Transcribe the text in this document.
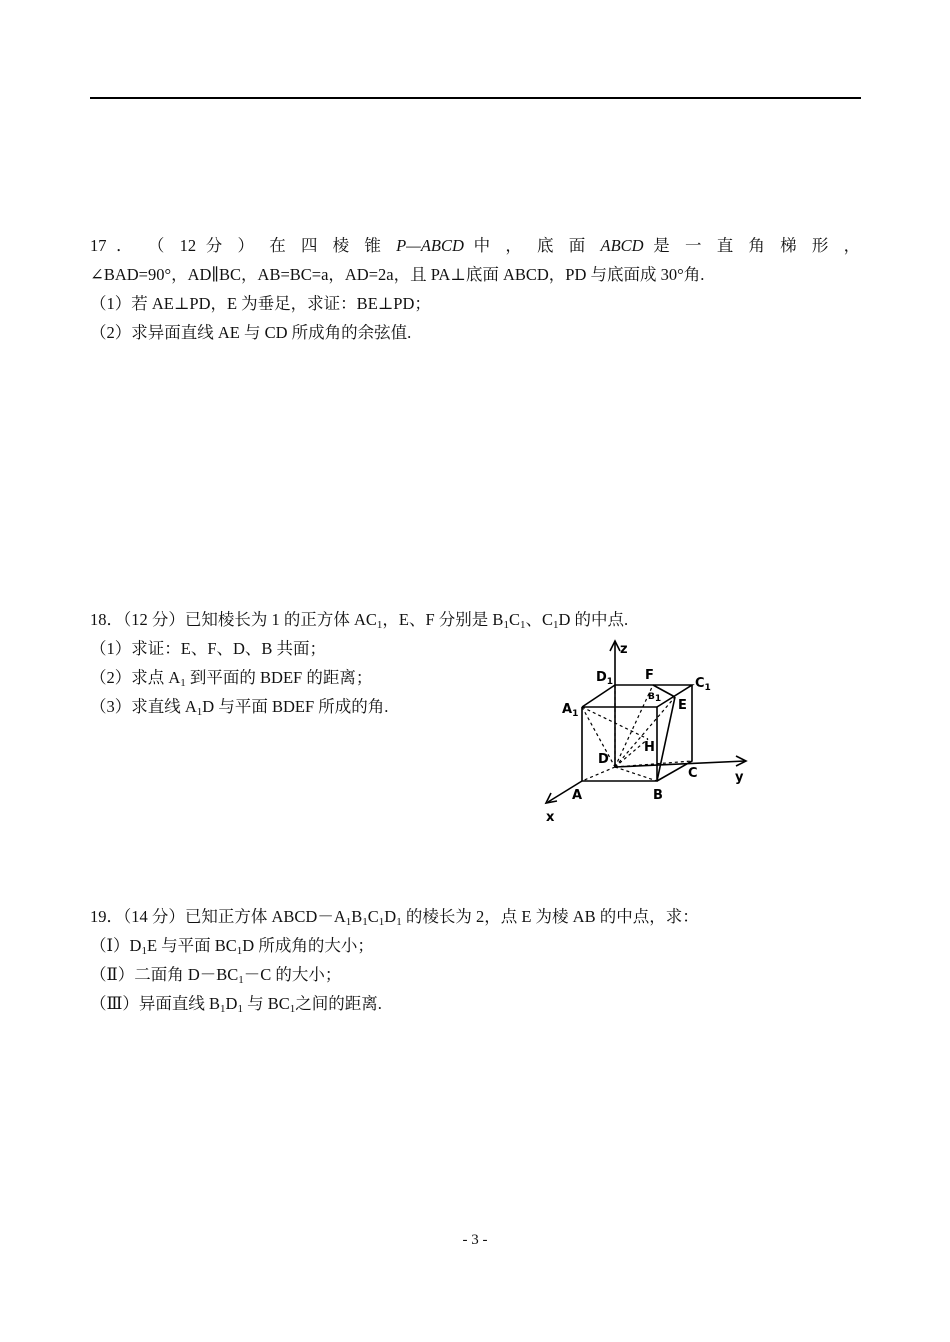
17 ． （ 12 分 ） 在 四 棱 锥 P—ABCD 中 ， 底 面 ABCD 是 一 直 角 梯 形 ，
∠BAD=90°，AD∥BC，AB=BC=a，AD=2a，且 PA⊥底面 ABCD，PD 与底面成 30°角.
（1）若 AE⊥PD，E 为垂足，求证：BE⊥PD；
（2）求异面直线 AE 与 CD 所成角的余弦值.
18．（12 分）已知棱长为 1 的正方体 $AC_1$，E、F 分别是 $B_1C_1$、$C_1D$ 的中点.
（1）求证：E、F、D、B 共面；
（2）求点 $A_1$ 到平面的 BDEF 的距离；
（3）求直线 $A_1D$ 与平面 BDEF 所成的角.
z
y
x
$D_1$ F
B1
$C_1$
$A_1$
E
H
D
C
A	B
19．（14 分）已知正方体 $ABCD-A_1B_1C_1D_1$ 的棱长为 2，点 E 为棱 AB 的中点，求：
$(Ⅰ)D_1E$ 与平面 $BC_1D$ 所成角的大小；
（Ⅱ）二面角 $D-BC_1-C$ 的大小；
（Ⅲ）异面直线 $B_1D_1$ 与 $BC_1$之间的距离.
- 3 -
